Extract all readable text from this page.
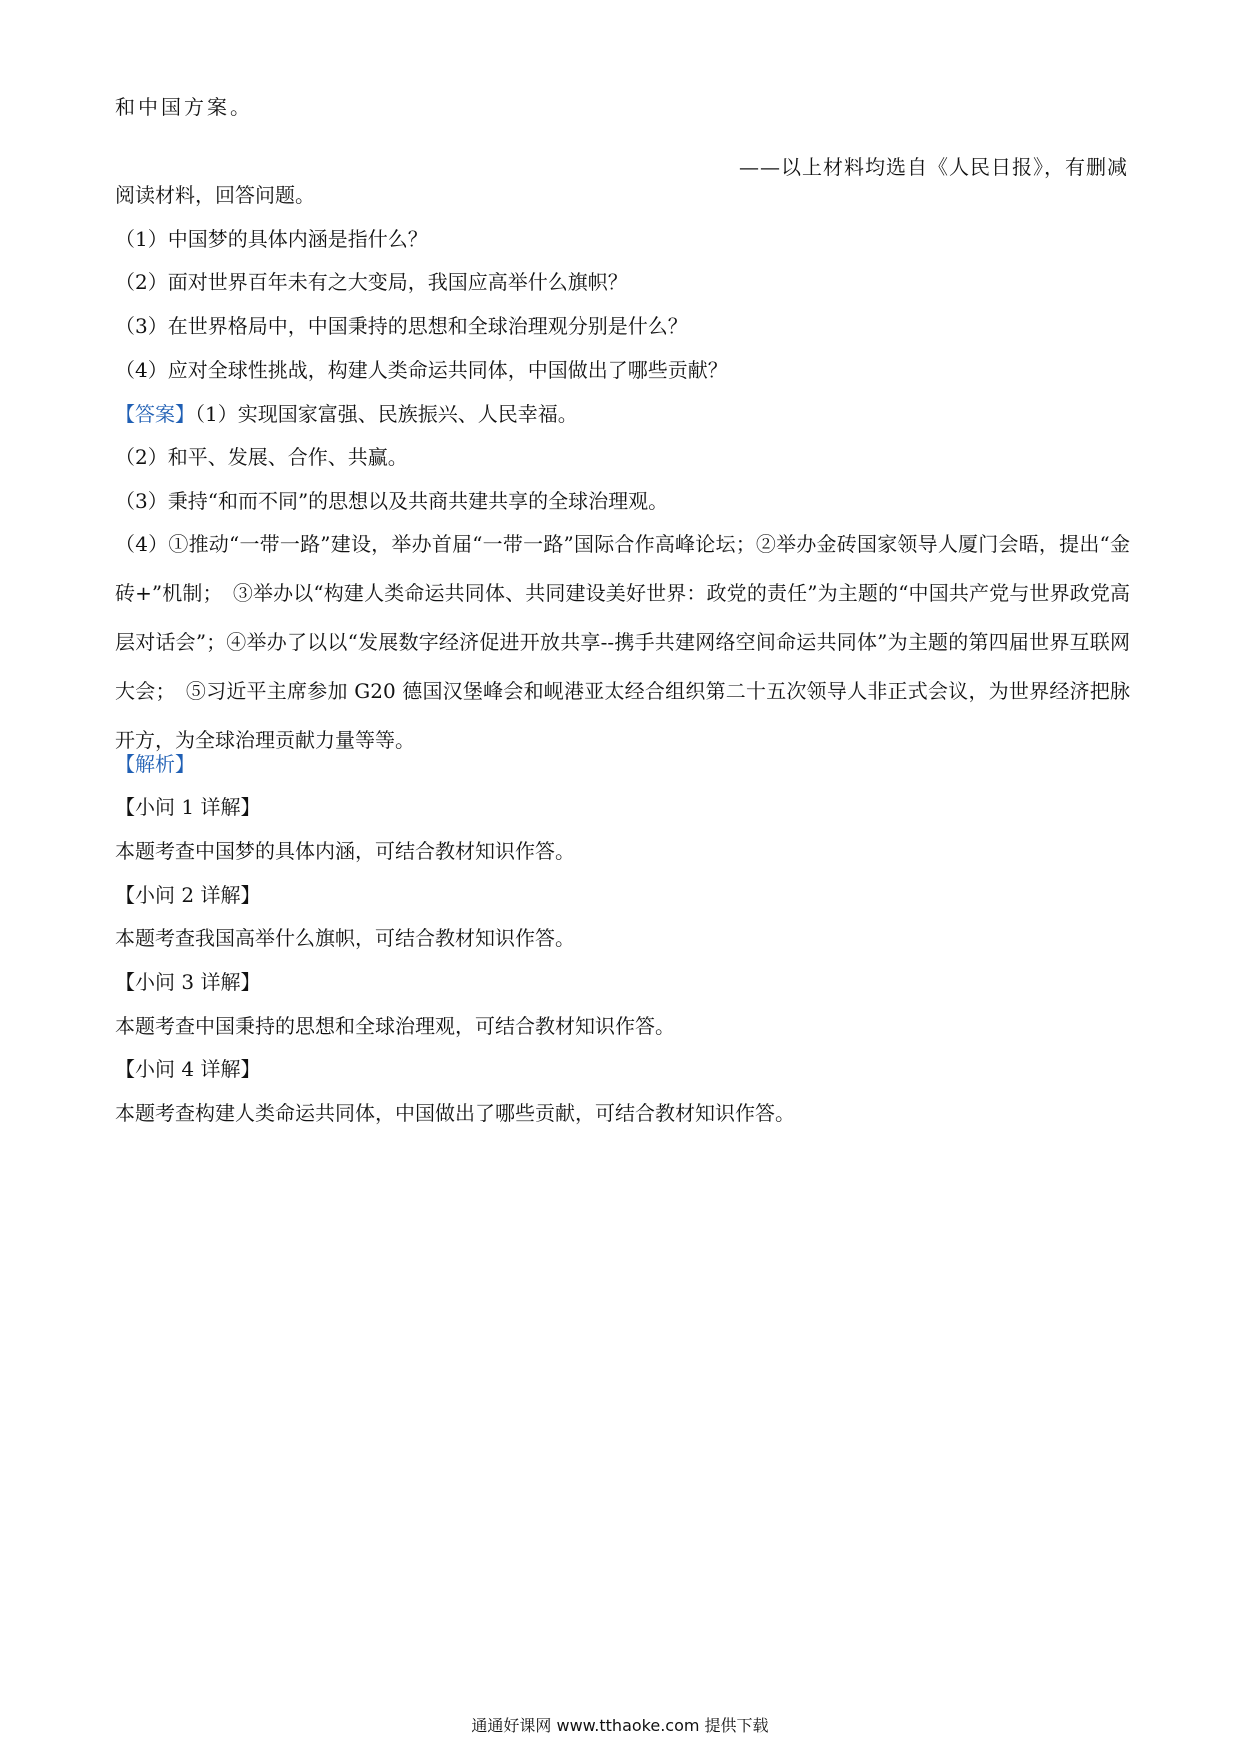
和中国方案。
——以上材料均选自《人民日报》，有删减
阅读材料，回答问题。
（1）中国梦的具体内涵是指什么？
（2）面对世界百年未有之大变局，我国应高举什么旗帜？
（3）在世界格局中，中国秉持的思想和全球治理观分别是什么？
（4）应对全球性挑战，构建人类命运共同体，中国做出了哪些贡献？
【答案】（1）实现国家富强、民族振兴、人民幸福。
（2）和平、发展、合作、共赢。
（3）秉持“和而不同”的思想以及共商共建共享的全球治理观。
（4）①推动“一带一路”建设，举办首届“一带一路”国际合作高峰论坛；②举办金砖国家领导人厦门会晤，提出“金砖+”机制；　③举办以“构建人类命运共同体、共同建设美好世界：政党的责任”为主题的“中国共产党与世界政党高层对话会”；④举办了以以“发展数字经济促进开放共享--携手共建网络空间命运共同体”为主题的第四届世界互联网大会；　⑤习近平主席参加 G20 德国汉堡峰会和岘港亚太经合组织第二十五次领导人非正式会议，为世界经济把脉开方，为全球治理贡献力量等等。
【解析】
【小问 1 详解】
本题考查中国梦的具体内涵，可结合教材知识作答。
【小问 2 详解】
本题考查我国高举什么旗帜，可结合教材知识作答。
【小问 3 详解】
本题考查中国秉持的思想和全球治理观，可结合教材知识作答。
【小问 4 详解】
本题考查构建人类命运共同体，中国做出了哪些贡献，可结合教材知识作答。
通通好课网 www.tthaoke.com 提供下载
